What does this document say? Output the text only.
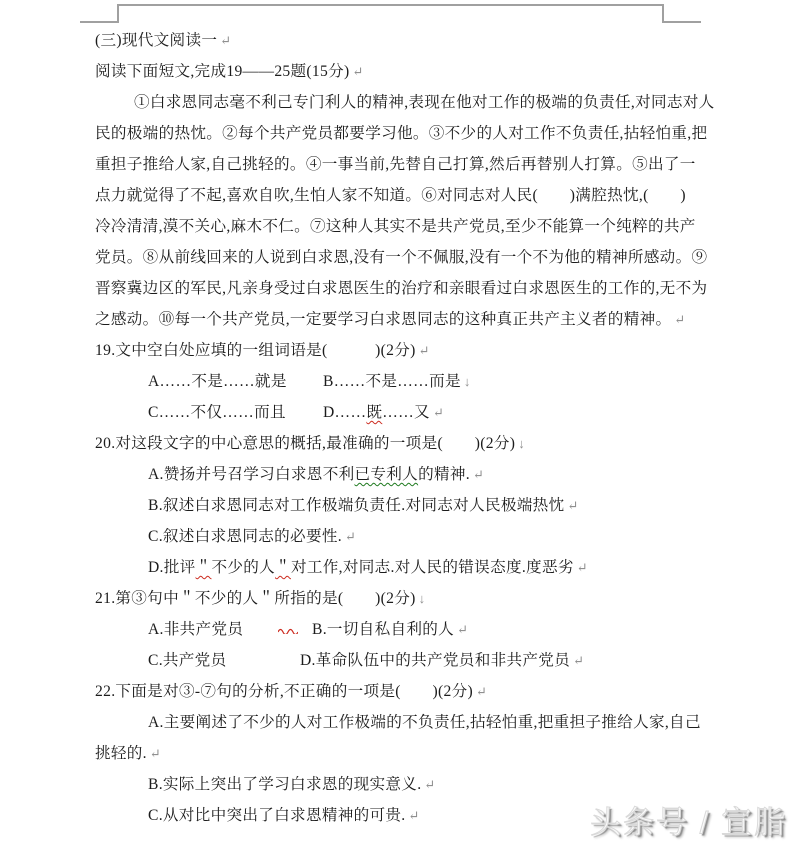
(三)现代文阅读一 ↵
阅读下面短文,完成19——25题(15分) ↵
①白求恩同志毫不利己专门利人的精神,表现在他对工作的极端的负责任,对同志对人
民的极端的热忱。②每个共产党员都要学习他。③不少的人对工作不负责任,拈轻怕重,把
重担子推给人家,自己挑轻的。④一事当前,先替自己打算,然后再替别人打算。⑤出了一
点力就觉得了不起,喜欢自吹,生怕人家不知道。⑥对同志对人民(　　)满腔热忱,(　　)
冷冷清清,漠不关心,麻木不仁。⑦这种人其实不是共产党员,至少不能算一个纯粹的共产
党员。⑧从前线回来的人说到白求恩,没有一个不佩服,没有一个不为他的精神所感动。⑨
晋察冀边区的军民,凡亲身受过白求恩医生的治疗和亲眼看过白求恩医生的工作的,无不为
之感动。⑩每一个共产党员,一定要学习白求恩同志的这种真正共产主义者的精神。 ↵
19.文中空白处应填的一组词语是(　　　)(2分) ↵
A……不是……就是 B……不是……而是 ↓
C……不仅……而且 D……既……又 ↵
20.对这段文字的中心意思的概括,最准确的一项是(　　)(2分) ↓
A.赞扬并号召学习白求恩不利已专利人的精神. ↵
B.叙述白求恩同志对工作极端负责任.对同志对人民极端热忱 ↵
C.叙述白求恩同志的必要性. ↵
D.批评＂不少的人＂对工作,对同志.对人民的错误态度.度恶劣 ↵
21.第③句中＂不少的人＂所指的是(　　)(2分) ↓
A.非共产党员	B.一切自私自利的人 ↵
C.共产党员	D.革命队伍中的共产党员和非共产党员 ↵
22.下面是对③-⑦句的分析,不正确的一项是(　　)(2分) ↵
A.主要阐述了不少的人对工作极端的不负责任,拈轻怕重,把重担子推给人家,自己
挑轻的. ↵
B.实际上突出了学习白求恩的现实意义. ↵
C.从对比中突出了白求恩精神的可贵. ↵	头条号 / 宣脂
